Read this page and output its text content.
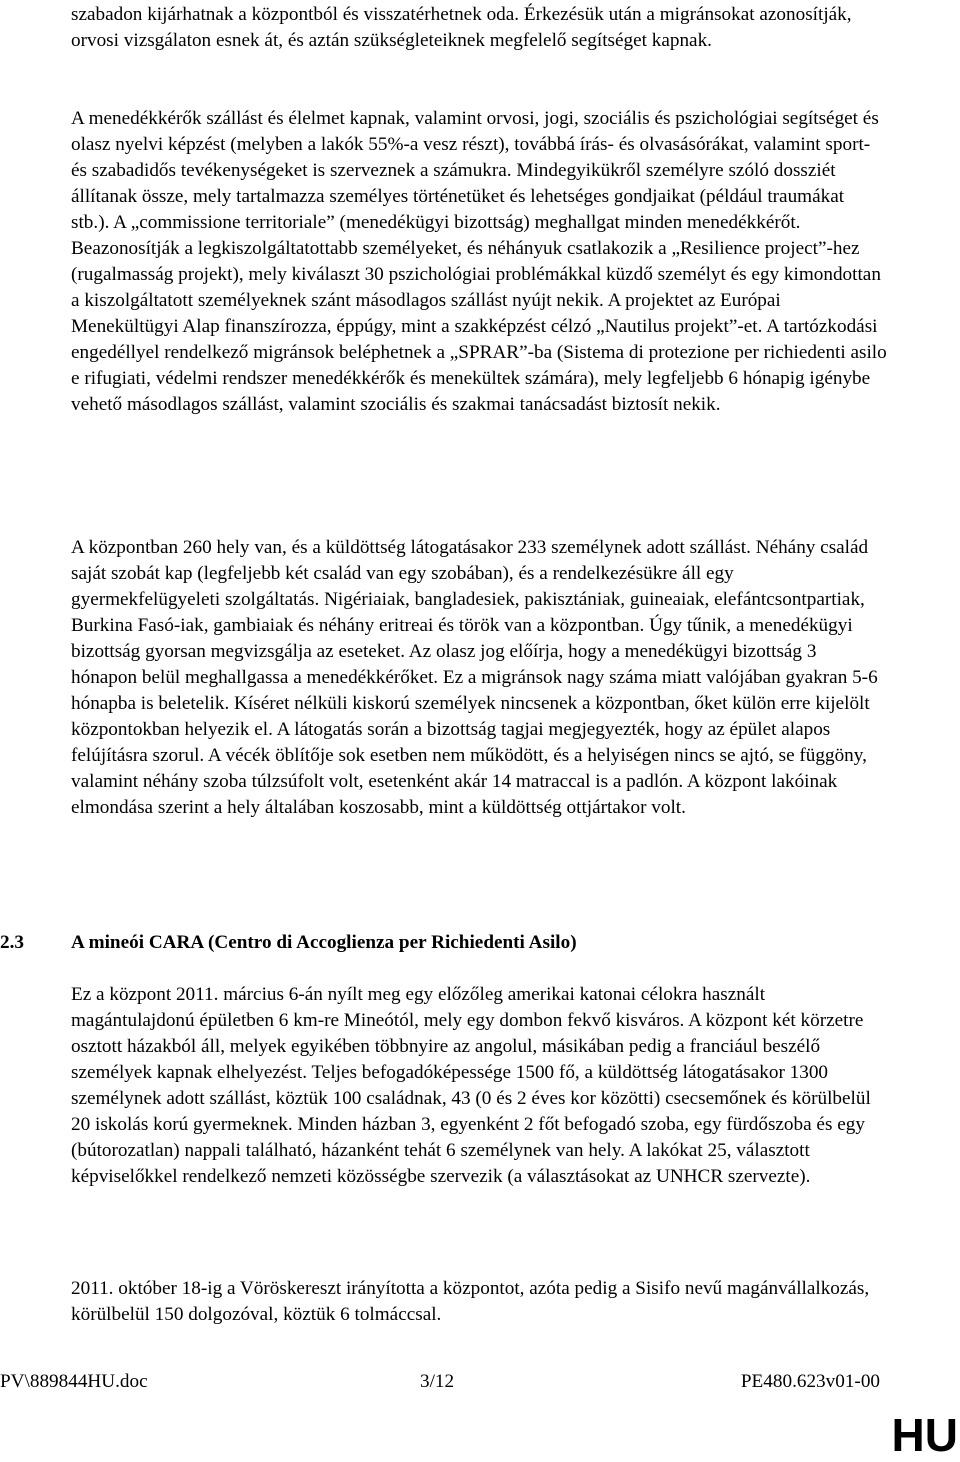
szabadon kijárhatnak a központból és visszatérhetnek oda. Érkezésük után a migránsokat azonosítják, orvosi vizsgálaton esnek át, és aztán szükségleteiknek megfelelő segítséget kapnak.

A menedékkérők szállást és élelmet kapnak, valamint orvosi, jogi, szociális és pszichológiai segítséget és olasz nyelvi képzést (melyben a lakók 55%-a vesz részt), továbbá írás- és olvasásórákat, valamint sport- és szabadidős tevékenységeket is szerveznek a számukra. Mindegyikükről személyre szóló dossziét állítanak össze, mely tartalmazza személyes történetüket és lehetséges gondjaikat (például traumákat stb.). A „commissione territoriale” (menedékügyi bizottság) meghallgat minden menedékkérőt. Beazonosítják a legkiszolgáltatottabb személyeket, és néhányuk csatlakozik a „Resilience project”-hez (rugalmasság projekt), mely kiválaszt 30 pszichológiai problémákkal küzdő személyt és egy kimondottan a kiszolgáltatott személyeknek szánt másodlagos szállást nyújt nekik. A projektet az Európai Menekültügyi Alap finanszírozza, éppúgy, mint a szakképzést célzó „Nautilus projekt”-et. A tartózkodási engedéllyel rendelkező migránsok beléphetnek a „SPRAR”-ba (Sistema di protezione per richiedenti asilo e rifugiati, védelmi rendszer menedékkérők és menekültek számára), mely legfeljebb 6 hónapig igénybe vehető másodlagos szállást, valamint szociális és szakmai tanácsadást biztosít nekik.

A központban 260 hely van, és a küldöttség látogatásakor 233 személynek adott szállást. Néhány család saját szobát kap (legfeljebb két család van egy szobában), és a rendelkezésükre áll egy gyermekfelügyeleti szolgáltatás. Nigériaiak, bangladesiek, pakisztániak, guineaiak, elefántcsontpartiak, Burkina Fasó-iak, gambiaiak és néhány eritreai és török van a központban. Úgy tűnik, a menedékügyi bizottság gyorsan megvizsgálja az eseteket. Az olasz jog előírja, hogy a menedékügyi bizottság 3 hónapon belül meghallgassa a menedékkérőket. Ez a migránsok nagy száma miatt valójában gyakran 5-6 hónapba is beletelik. Kíséret nélküli kiskorú személyek nincsenek a központban, őket külön erre kijelölt központokban helyezik el. A látogatás során a bizottság tagjai megjegyezték, hogy az épület alapos felújításra szorul. A vécék öblítője sok esetben nem működött, és a helyiségen nincs se ajtó, se függöny, valamint néhány szoba túlzsúfolt volt, esetenként akár 14 matraccal is a padlón. A központ lakóinak elmondása szerint a hely általában koszosabb, mint a küldöttség ottjártakor volt.

2.3 A mineói CARA (Centro di Accoglienza per Richiedenti Asilo)

Ez a központ 2011. március 6-án nyílt meg egy előzőleg amerikai katonai célokra használt magántulajdonú épületben 6 km-re Mineótól, mely egy dombon fekvő kisváros. A központ két körzetre osztott házakból áll, melyek egyikében többnyire az angolul, másikában pedig a franciául beszélő személyek kapnak elhelyezést. Teljes befogadóképessége 1500 fő, a küldöttség látogatásakor 1300 személynek adott szállást, köztük 100 családnak, 43 (0 és 2 éves kor közötti) csecsemőnek és körülbelül 20 iskolás korú gyermeknek. Minden házban 3, egyenként 2 főt befogadó szoba, egy fürdőszoba és egy (bútorozatlan) nappali található, házanként tehát 6 személynek van hely. A lakókat 25, választott képviselőkkel rendelkező nemzeti közösségbe szervezik (a választásokat az UNHCR szervezte).

2011. október 18-ig a Vöröskereszt irányította a központot, azóta pedig a Sisifo nevű magánvállalkozás, körülbelül 150 dolgozóval, köztük 6 tolmáccsal.

PV\889844HU.doc	3/12	PE480.623v01-00
HU
